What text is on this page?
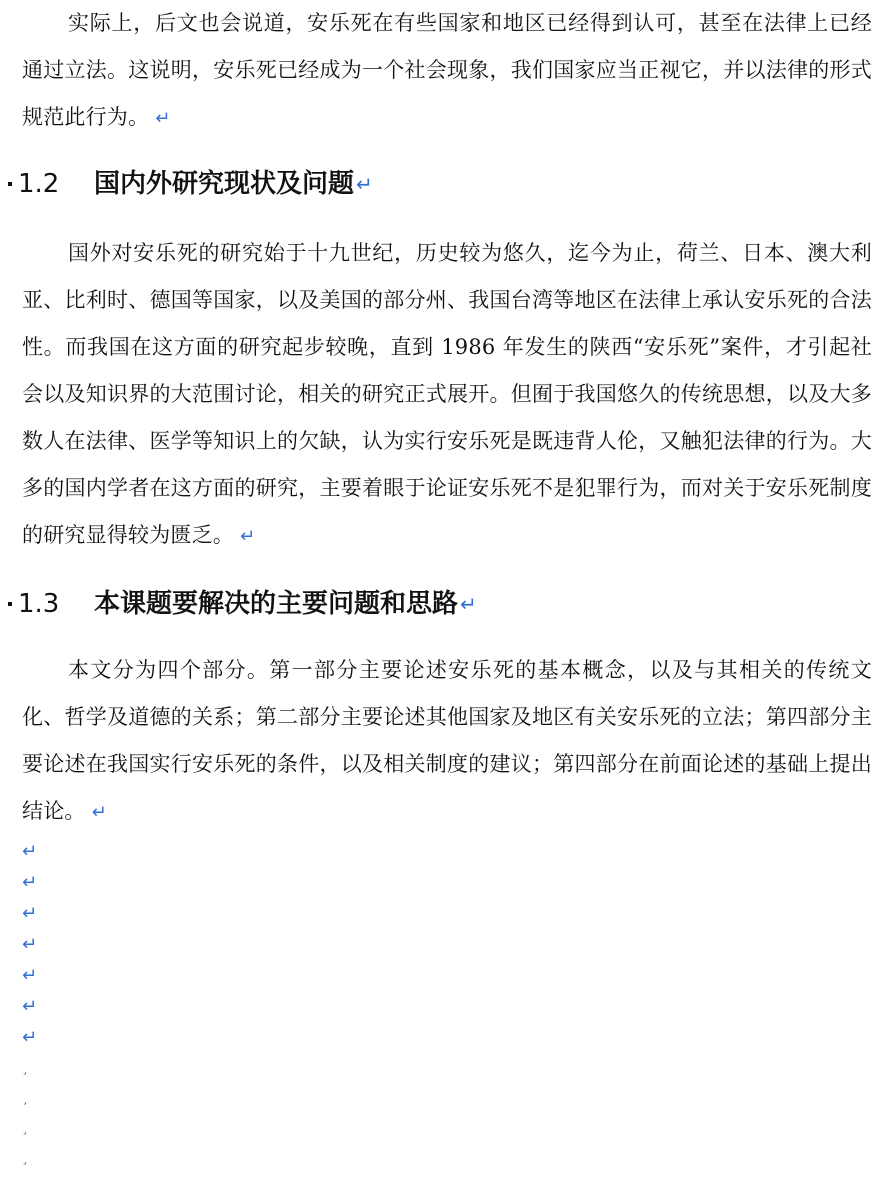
实际上，后文也会说道，安乐死在有些国家和地区已经得到认可，甚至在法律上已经通过立法。这说明，安乐死已经成为一个社会现象，我们国家应当正视它，并以法律的形式规范此行为。 ↵

1.2	国内外研究现状及问题 ↵

国外对安乐死的研究始于十九世纪，历史较为悠久，迄今为止，荷兰、日本、澳大利亚、比利时、德国等国家，以及美国的部分州、我国台湾等地区在法律上承认安乐死的合法性。而我国在这方面的研究起步较晚，直到 1986 年发生的陕西“安乐死”案件，才引起社会以及知识界的大范围讨论，相关的研究正式展开。但囿于我国悠久的传统思想，以及大多数人在法律、医学等知识上的欠缺，认为实行安乐死是既违背人伦，又触犯法律的行为。大多的国内学者在这方面的研究，主要着眼于论证安乐死不是犯罪行为，而对关于安乐死制度的研究显得较为匮乏。 ↵

1.3	本课题要解决的主要问题和思路 ↵

本文分为四个部分。第一部分主要论述安乐死的基本概念，以及与其相关的传统文化、哲学及道德的关系；第二部分主要论述其他国家及地区有关安乐死的立法；第四部分主要论述在我国实行安乐死的条件，以及相关制度的建议；第四部分在前面论述的基础上提出结论。 ↵

↵
↵
↵
↵
↵
↵
↵
¸
¸
¸
¸
